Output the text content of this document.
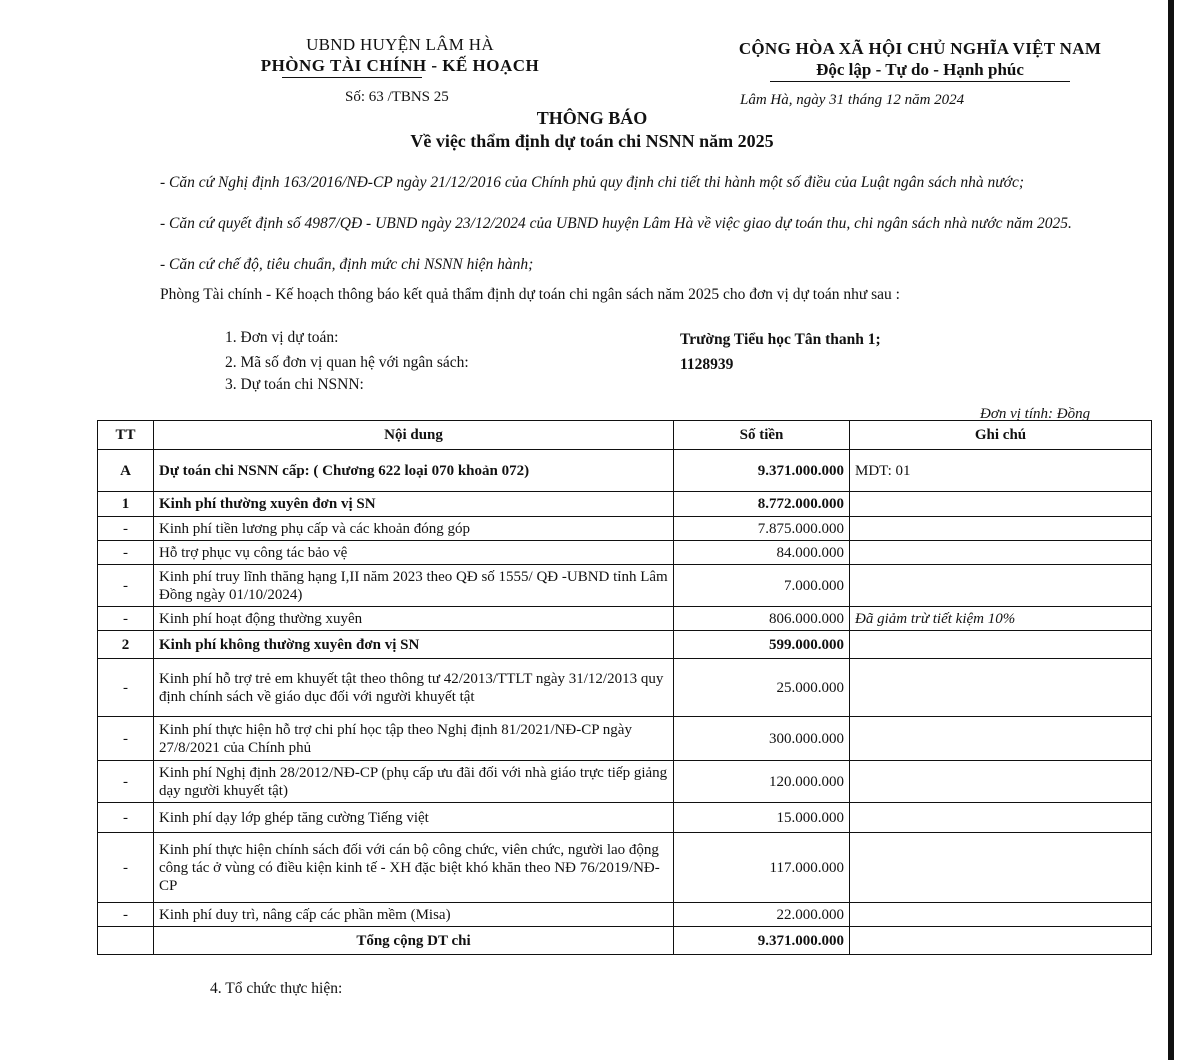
UBND HUYỆN LÂM HÀ
PHÒNG TÀI CHÍNH - KẾ HOẠCH
CỘNG HÒA XÃ HỘI CHỦ NGHĨA VIỆT NAM
Độc lập - Tự do - Hạnh phúc
Số: 63 /TBNS 25	Lâm Hà, ngày 31 tháng 12 năm 2024
THÔNG BÁO
Về việc thẩm định dự toán chi NSNN năm 2025
- Căn cứ Nghị định 163/2016/NĐ-CP ngày 21/12/2016 của Chính phủ quy định chi tiết thi hành một số điều của Luật ngân sách nhà nước;
- Căn cứ quyết định số 4987/QĐ - UBND ngày 23/12/2024 của UBND huyện Lâm Hà về việc giao dự toán thu, chi ngân sách nhà nước năm 2025.
- Căn cứ chế độ, tiêu chuẩn, định mức chi NSNN hiện hành;
Phòng Tài chính - Kế hoạch thông báo kết quả thẩm định dự toán chi ngân sách năm 2025 cho đơn vị dự toán như sau :
1. Đơn vị dự toán:	Trường Tiểu học Tân thanh 1;
2. Mã số đơn vị quan hệ với ngân sách:	1128939
3. Dự toán chi NSNN:
Đơn vị tính: Đồng
TT	Nội dung	Số tiền	Ghi chú
A	Dự toán chi NSNN cấp: ( Chương 622 loại 070 khoản 072)	9.371.000.000	MDT: 01
1	Kinh phí thường xuyên đơn vị SN	8.772.000.000	
-	Kinh phí tiền lương phụ cấp và các khoản đóng góp	7.875.000.000	
-	Hỗ trợ phục vụ công tác bảo vệ	84.000.000	
-	Kinh phí truy lĩnh thăng hạng I,II năm 2023 theo QĐ số 1555/ QĐ -UBND tỉnh Lâm Đồng ngày 01/10/2024)	7.000.000	
-	Kinh phí hoạt động thường xuyên	806.000.000	Đã giảm trừ tiết kiệm 10%
2	Kinh phí không thường xuyên đơn vị SN	599.000.000	
-	Kinh phí hỗ trợ trẻ em khuyết tật theo thông tư 42/2013/TTLT ngày 31/12/2013 quy định chính sách về giáo dục đối với người khuyết tật	25.000.000	
-	Kinh phí thực hiện hỗ trợ chi phí học tập theo Nghị định 81/2021/NĐ-CP ngày 27/8/2021 của Chính phủ	300.000.000	
-	Kinh phí Nghị định 28/2012/NĐ-CP (phụ cấp ưu đãi đối với nhà giáo trực tiếp giảng dạy người khuyết tật)	120.000.000	
-	Kinh phí dạy lớp ghép tăng cường Tiếng việt	15.000.000	
-	Kinh phí thực hiện chính sách đối với cán bộ công chức, viên chức, người lao động công tác ở vùng có điều kiện kinh tế - XH đặc biệt khó khăn theo NĐ 76/2019/NĐ-CP	117.000.000	
-	Kinh phí duy trì, nâng cấp các phần mềm (Misa)	22.000.000	
	Tổng cộng DT chi	9.371.000.000	
4. Tổ chức thực hiện:
